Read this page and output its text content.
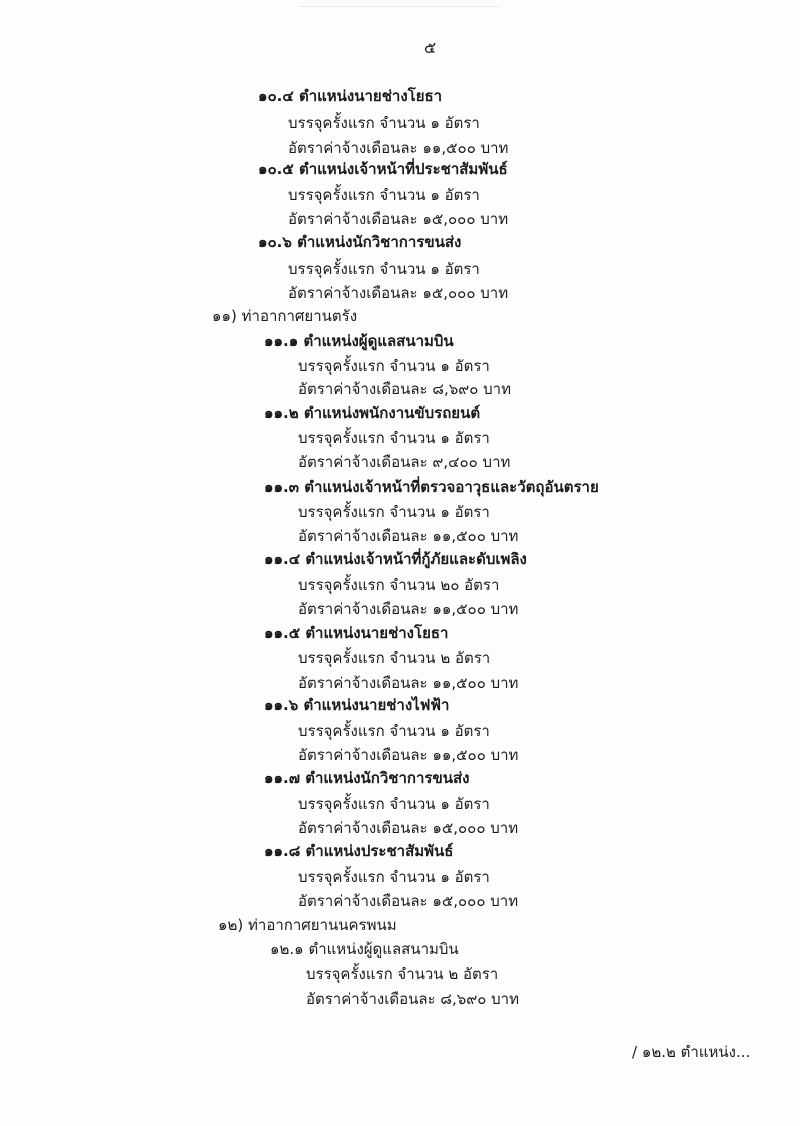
๕
๑๐.๔ ตำแหน่งนายช่างโยธา
บรรจุครั้งแรก จำนวน ๑ อัตรา
อัตราค่าจ้างเดือนละ ๑๑,๕๐๐ บาท
๑๐.๕ ตำแหน่งเจ้าหน้าที่ประชาสัมพันธ์
บรรจุครั้งแรก จำนวน ๑ อัตรา
อัตราค่าจ้างเดือนละ ๑๕,๐๐๐ บาท
๑๐.๖ ตำแหน่งนักวิชาการขนส่ง
บรรจุครั้งแรก จำนวน ๑ อัตรา
อัตราค่าจ้างเดือนละ ๑๕,๐๐๐ บาท
๑๑) ท่าอากาศยานตรัง
๑๑.๑ ตำแหน่งผู้ดูแลสนามบิน
บรรจุครั้งแรก จำนวน ๑ อัตรา
อัตราค่าจ้างเดือนละ ๘,๖๙๐ บาท
๑๑.๒ ตำแหน่งพนักงานขับรถยนต์
บรรจุครั้งแรก จำนวน ๑ อัตรา
อัตราค่าจ้างเดือนละ ๙,๔๐๐ บาท
๑๑.๓ ตำแหน่งเจ้าหน้าที่ตรวจอาวุธและวัตถุอันตราย
บรรจุครั้งแรก จำนวน ๑ อัตรา
อัตราค่าจ้างเดือนละ ๑๑,๕๐๐ บาท
๑๑.๔ ตำแหน่งเจ้าหน้าที่กู้ภัยและดับเพลิง
บรรจุครั้งแรก จำนวน ๒๐ อัตรา
อัตราค่าจ้างเดือนละ ๑๑,๕๐๐ บาท
๑๑.๕ ตำแหน่งนายช่างโยธา
บรรจุครั้งแรก จำนวน ๒ อัตรา
อัตราค่าจ้างเดือนละ ๑๑,๕๐๐ บาท
๑๑.๖ ตำแหน่งนายช่างไฟฟ้า
บรรจุครั้งแรก จำนวน ๑ อัตรา
อัตราค่าจ้างเดือนละ ๑๑,๕๐๐ บาท
๑๑.๗ ตำแหน่งนักวิชาการขนส่ง
บรรจุครั้งแรก จำนวน ๑ อัตรา
อัตราค่าจ้างเดือนละ ๑๕,๐๐๐ บาท
๑๑.๘ ตำแหน่งประชาสัมพันธ์
บรรจุครั้งแรก จำนวน ๑ อัตรา
อัตราค่าจ้างเดือนละ ๑๕,๐๐๐ บาท
๑๒) ท่าอากาศยานนครพนม
๑๒.๑ ตำแหน่งผู้ดูแลสนามบิน
บรรจุครั้งแรก จำนวน ๒ อัตรา
อัตราค่าจ้างเดือนละ ๘,๖๙๐ บาท
/ ๑๒.๒ ตำแหน่ง...
